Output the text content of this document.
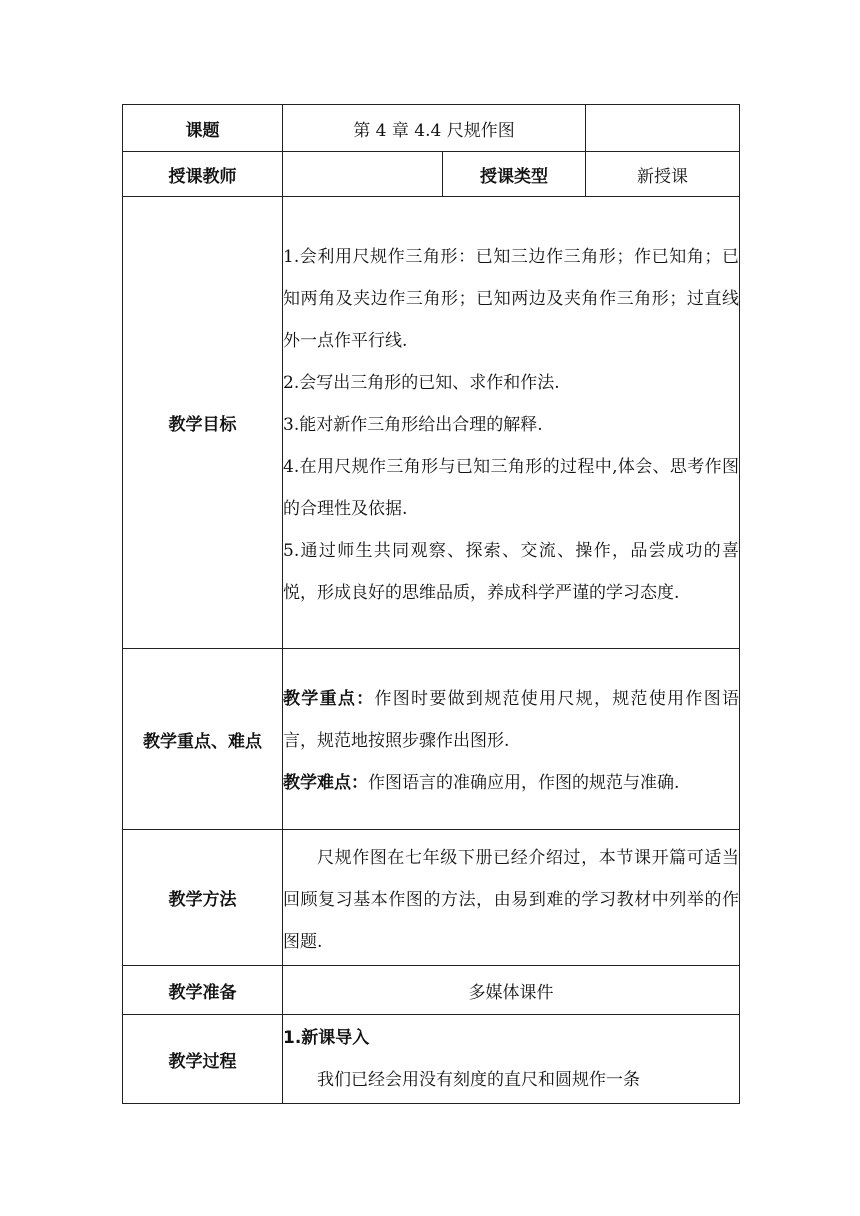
课题	第 4 章 4.4 尺规作图		
授课教师		授课类型	新授课
教学目标	1.会利用尺规作三角形：已知三边作三角形；作已知角；已知两角及夹边作三角形；已知两边及夹角作三角形；过直线外一点作平行线.

2.会写出三角形的已知、求作和作法.

3.能对新作三角形给出合理的解释.

4.在用尺规作三角形与已知三角形的过程中,体会、思考作图的合理性及依据.

5.通过师生共同观察、探索、交流、操作，品尝成功的喜悦，形成良好的思维品质，养成科学严谨的学习态度.		

教学重点、难点	教学重点：作图时要做到规范使用尺规，规范使用作图语言，规范地按照步骤作出图形.

教学难点：作图语言的准确应用，作图的规范与准确.		

教学方法	尺规作图在七年级下册已经介绍过，本节课开篇可适当回顾复习基本作图的方法，由易到难的学习教材中列举的作图题.		

教学准备	多媒体课件		
教学过程	1.新课导入

我们已经会用没有刻度的直尺和圆规作一条		
